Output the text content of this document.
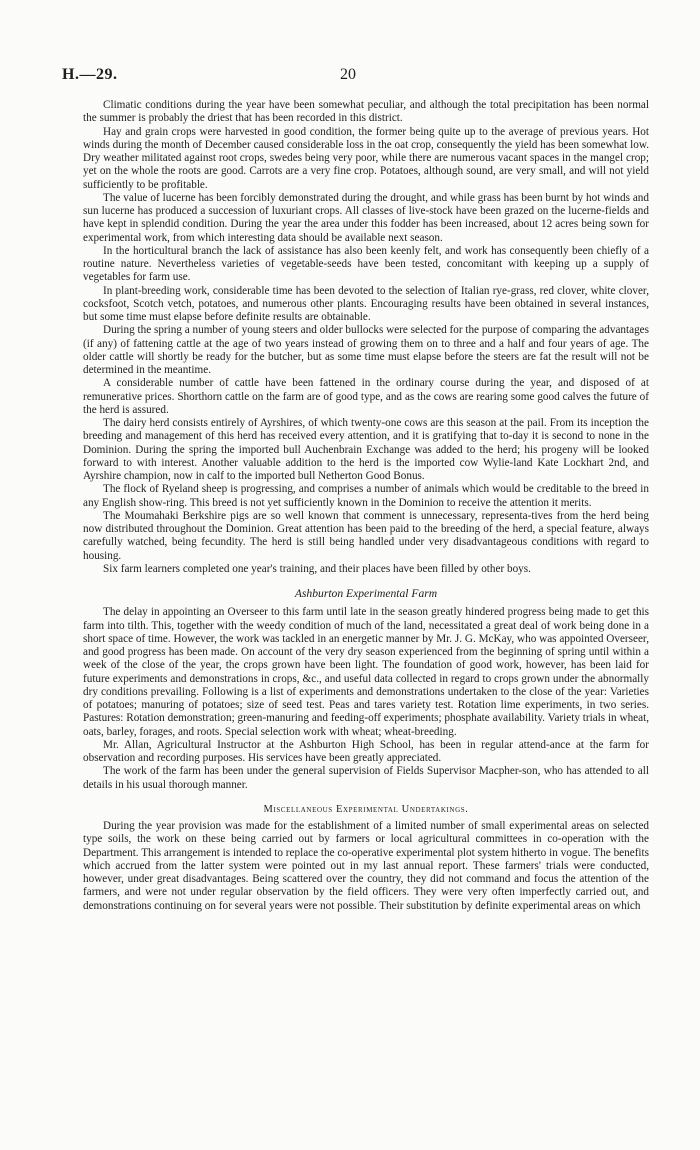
H.—29.	20

Climatic conditions during the year have been somewhat peculiar, and although the total precipitation has been normal the summer is probably the driest that has been recorded in this district.

Hay and grain crops were harvested in good condition, the former being quite up to the average of previous years. Hot winds during the month of December caused considerable loss in the oat crop, consequently the yield has been somewhat low. Dry weather militated against root crops, swedes being very poor, while there are numerous vacant spaces in the mangel crop; yet on the whole the roots are good. Carrots are a very fine crop. Potatoes, although sound, are very small, and will not yield sufficiently to be profitable.

The value of lucerne has been forcibly demonstrated during the drought, and while grass has been burnt by hot winds and sun lucerne has produced a succession of luxuriant crops. All classes of live-stock have been grazed on the lucerne-fields and have kept in splendid condition. During the year the area under this fodder has been increased, about 12 acres being sown for experimental work, from which interesting data should be available next season.

In the horticultural branch the lack of assistance has also been keenly felt, and work has consequently been chiefly of a routine nature. Nevertheless varieties of vegetable-seeds have been tested, concomitant with keeping up a supply of vegetables for farm use.

In plant-breeding work, considerable time has been devoted to the selection of Italian rye-grass, red clover, white clover, cocksfoot, Scotch vetch, potatoes, and numerous other plants. Encouraging results have been obtained in several instances, but some time must elapse before definite results are obtainable.

During the spring a number of young steers and older bullocks were selected for the purpose of comparing the advantages (if any) of fattening cattle at the age of two years instead of growing them on to three and a half and four years of age. The older cattle will shortly be ready for the butcher, but as some time must elapse before the steers are fat the result will not be determined in the meantime.

A considerable number of cattle have been fattened in the ordinary course during the year, and disposed of at remunerative prices. Shorthorn cattle on the farm are of good type, and as the cows are rearing some good calves the future of the herd is assured.

The dairy herd consists entirely of Ayrshires, of which twenty-one cows are this season at the pail. From its inception the breeding and management of this herd has received every attention, and it is gratifying that to-day it is second to none in the Dominion. During the spring the imported bull Auchenbrain Exchange was added to the herd; his progeny will be looked forward to with interest. Another valuable addition to the herd is the imported cow Wylie-land Kate Lockhart 2nd, and Ayrshire champion, now in calf to the imported bull Netherton Good Bonus.

The flock of Ryeland sheep is progressing, and comprises a number of animals which would be creditable to the breed in any English show-ring. This breed is not yet sufficiently known in the Dominion to receive the attention it merits.

The Moumahaki Berkshire pigs are so well known that comment is unnecessary, representa-tives from the herd being now distributed throughout the Dominion. Great attention has been paid to the breeding of the herd, a special feature, always carefully watched, being fecundity. The herd is still being handled under very disadvantageous conditions with regard to housing.

Six farm learners completed one year's training, and their places have been filled by other boys.

Ashburton Experimental Farm

The delay in appointing an Overseer to this farm until late in the season greatly hindered progress being made to get this farm into tilth. This, together with the weedy condition of much of the land, necessitated a great deal of work being done in a short space of time. However, the work was tackled in an energetic manner by Mr. J. G. McKay, who was appointed Overseer, and good progress has been made. On account of the very dry season experienced from the beginning of spring until within a week of the close of the year, the crops grown have been light. The foundation of good work, however, has been laid for future experiments and demonstrations in crops, &c., and useful data collected in regard to crops grown under the abnormally dry conditions prevailing. Following is a list of experiments and demonstrations undertaken to the close of the year: Varieties of potatoes; manuring of potatoes; size of seed test. Peas and tares variety test. Rotation lime experiments, in two series. Pastures: Rotation demonstration; green-manuring and feeding-off experiments; phosphate availability. Variety trials in wheat, oats, barley, forages, and roots. Special selection work with wheat; wheat-breeding.

Mr. Allan, Agricultural Instructor at the Ashburton High School, has been in regular attend-ance at the farm for observation and recording purposes. His services have been greatly appreciated.

The work of the farm has been under the general supervision of Fields Supervisor Macpher-son, who has attended to all details in his usual thorough manner.

Miscellaneous Experimental Undertakings.

During the year provision was made for the establishment of a limited number of small experimental areas on selected type soils, the work on these being carried out by farmers or local agricultural committees in co-operation with the Department. This arrangement is intended to replace the co-operative experimental plot system hitherto in vogue. The benefits which accrued from the latter system were pointed out in my last annual report. These farmers' trials were conducted, however, under great disadvantages. Being scattered over the country, they did not command and focus the attention of the farmers, and were not under regular observation by the field officers. They were very often imperfectly carried out, and demonstrations continuing on for several years were not possible. Their substitution by definite experimental areas on which
